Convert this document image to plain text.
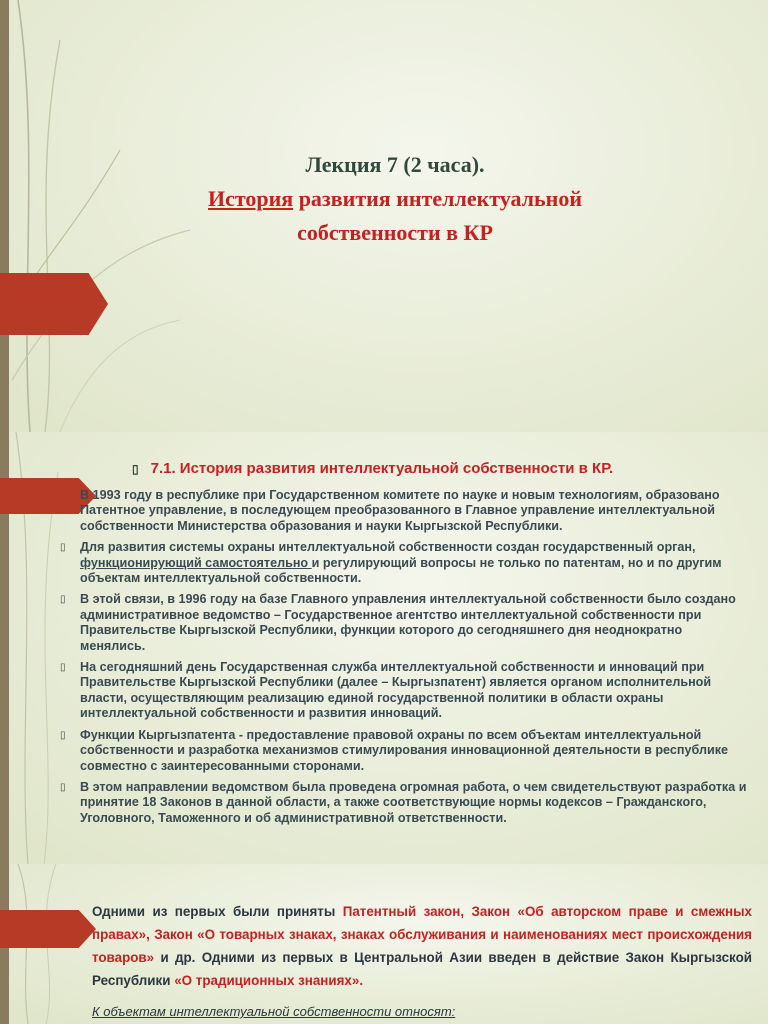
Лекция 7 (2 часа).
История развития интеллектуальной
собственности в КР
▯ 7.1. История развития интеллектуальной собственности в КР.
В 1993 году в республике при Государственном комитете по науке и новым технологиям, образовано Патентное управление, в последующем преобразованного в Главное управление интеллектуальной собственности Министерства образования и науки Кыргызской Республики.
▯ Для развития системы охраны интеллектуальной собственности создан государственный орган, функционирующий самостоятельно и регулирующий вопросы не только по патентам, но и по другим объектам интеллектуальной собственности.
▯ В этой связи, в 1996 году на базе Главного управления интеллектуальной собственности было создано административное ведомство – Государственное агентство интеллектуальной собственности при Правительстве Кыргызской Республики, функции которого до сегодняшнего дня неоднократно менялись.
▯ На сегодняшний день Государственная служба интеллектуальной собственности и инноваций при Правительстве Кыргызской Республики (далее – Кыргызпатент) является органом исполнительной власти, осуществляющим реализацию единой государственной политики в области охраны интеллектуальной собственности и развития инноваций.
▯ Функции Кыргызпатента - предоставление правовой охраны по всем объектам интеллектуальной собственности и разработка механизмов стимулирования инновационной деятельности в республике совместно с заинтересованными сторонами.
▯ В этом направлении ведомством была проведена огромная работа, о чем свидетельствуют разработка и принятие 18 Законов в данной области, а также соответствующие нормы кодексов – Гражданского, Уголовного, Таможенного и об административной ответственности.
Одними из первых были приняты Патентный закон, Закон «Об авторском праве и смежных правах», Закон «О товарных знаках, знаках обслуживания и наименованиях мест происхождения товаров» и др. Одними из первых в Центральной Азии введен в действие Закон Кыргызской Республики «О традиционных знаниях».
К объектам интеллектуальной собственности относят:
